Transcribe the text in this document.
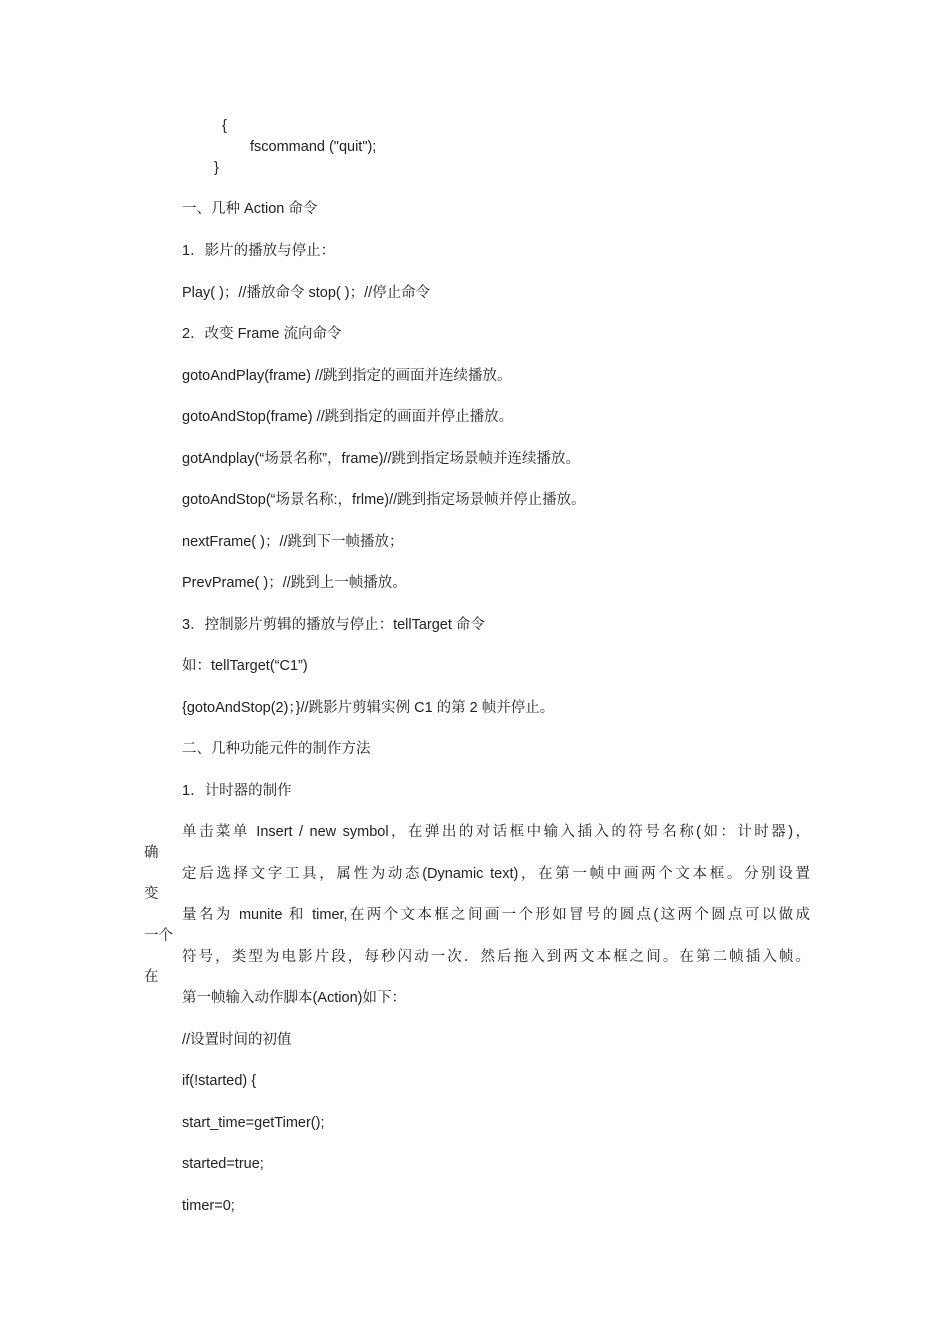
{
fscommand ("quit");
}
一、几种 Action 命令
1．影片的播放与停止：
Play( )；//播放命令 stop( )；//停止命令
2．改变 Frame 流向命令
gotoAndPlay(frame) //跳到指定的画面并连续播放。
gotoAndStop(frame) //跳到指定的画面并停止播放。
gotAndplay(“场景名称”，frame)//跳到指定场景帧并连续播放。
gotoAndStop(“场景名称:，frlme)//跳到指定场景帧并停止播放。
nextFrame( )；//跳到下一帧播放；
PrevPrame( )；//跳到上一帧播放。
3．控制影片剪辑的播放与停止：tellTarget 命令
如：tellTarget(“C1”)
{gotoAndStop(2)；}//跳影片剪辑实例 C1 的第 2 帧并停止。
二、几种功能元件的制作方法
1．计时器的制作
单击菜单 Insert / new symbol，在弹出的对话框中输入插入的符号名称(如：计时器)，
定后选择文字工具，属性为动态(Dynamic text)，在第一帧中画两个文本框。分别设置
量名为 munite 和 timer,在两个文本框之间画一个形如冒号的圆点(这两个圆点可以做成
符号，类型为电影片段，每秒闪动一次．然后拖入到两文本框之间。在第二帧插入帧。
第一帧输入动作脚本(Action)如下：
确
变
一个
在
//设置时间的初值
if(!started) {
start_time=getTimer();
started=true;
timer=0;
